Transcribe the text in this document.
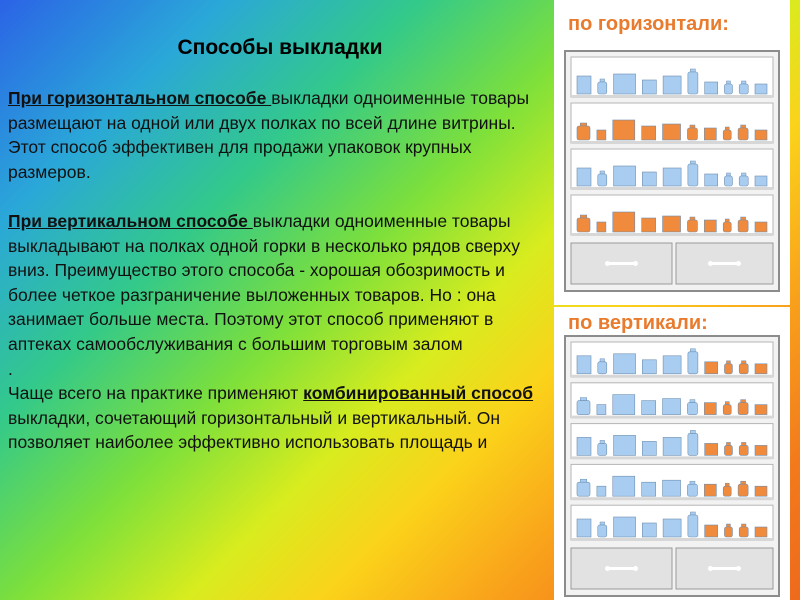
Способы выкладки

При горизонтальном способе выкладки одноименные товары размещают на одной или двух полках по всей длине витрины. Этот способ эффективен для продажи упаковок крупных размеров.

При вертикальном способе выкладки одноименные товары выкладывают на полках одной горки в несколько рядов сверху вниз. Преимущество этого способа - хорошая обозримость и более четкое разграничение выложенных товаров. Но : она занимает больше места. Поэтому этот способ применяют в аптеках самообслуживания с большим торговым залом

.

Чаще всего на практике применяют комбинированный способ выкладки, сочетающий горизонтальный и вертикальный. Он позволяет наиболее эффективно использовать площадь и

по горизонтали:
по вертикали:
